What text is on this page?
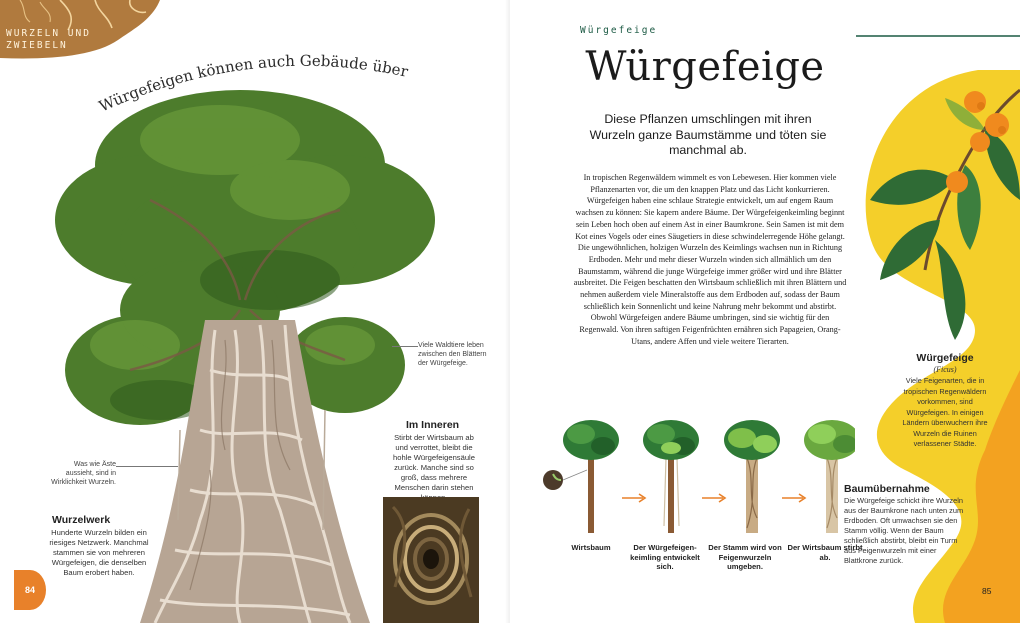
WURZELN UND ZWIEBELN
Würgefeigen können auch Gebäude über
Viele Waldtiere leben zwischen den Blättern der Würgefeige.
Was wie Äste aussieht, sind in Wirklichkeit Wurzeln.
Wurzelwerk
Hunderte Wurzeln bilden ein riesiges Netzwerk. Manchmal stammen sie von mehreren Würgefeigen, die denselben Baum erobert haben.
Im Inneren
Stirbt der Wirtsbaum ab und verrottet, bleibt die hohle Würgefeigensäule zurück. Manche sind so groß, dass mehrere Menschen darin stehen
84
Würgefeige
Würgefeige
Diese Pflanzen umschlingen mit ihren Wurzeln ganze Baumstämme und töten sie manchmal ab.
In tropischen Regenwäldern wimmelt es von Lebewesen. Hier kommen viele Pflanzenarten vor, die um den knappen Platz und das Licht konkurrieren. Würgefeigen haben eine schlaue Strategie entwickelt, um auf engem Raum wachsen zu können: Sie kapern andere Bäume. Der Würgefeigenkeimling beginnt sein Leben hoch oben auf einem Ast in einer Baumkrone. Sein Samen ist mit dem Kot eines Vogels oder eines Säugetiers in diese schwindelerregende Höhe gelangt. Die ungewöhnlichen, holzigen Wurzeln des Keimlings wachsen nun in Richtung Erdboden. Mehr und mehr dieser Wurzeln winden sich allmählich um den Baumstamm, während die junge Würgefeige immer größer wird und ihre Blätter ausbreitet. Die Feigen beschatten den Wirtsbaum schließlich mit ihren Blättern und nehmen außerdem viele Mineralstoffe aus dem Erdboden auf, sodass der Baum schließlich kein Sonnenlicht und keine Nahrung mehr bekommt und abstirbt. Obwohl Würgefeigen andere Bäume umbringen, sind sie wichtig für den Regenwald. Von ihren saftigen Feigenfrüchten ernähren sich Papageien, Orang-Utans, andere Affen und viele weitere Tierarten.
Würgefeige
(Ficus)
Viele Feigenarten, die in tropischen Regenwäldern vorkommen, sind Würgefeigen. In einigen Ländern überwuchern ihre Wurzeln die Ruinen verlassener Städte.
Wirtsbaum	Der Würgefeigen-keimling entwickelt sich.
Der Stamm wird von Feigenwurzeln umgeben.
Der Wirtsbaum stirbt ab.
Baumübernahme
Die Würgefeige schickt ihre Wurzeln aus der Baumkrone nach unten zum Erdboden. Oft umwachsen sie den Stamm völlig. Wenn der Baum schließlich abstirbt, bleibt ein Turm aus Feigenwurzeln mit einer Blattkrone zurück.
85
